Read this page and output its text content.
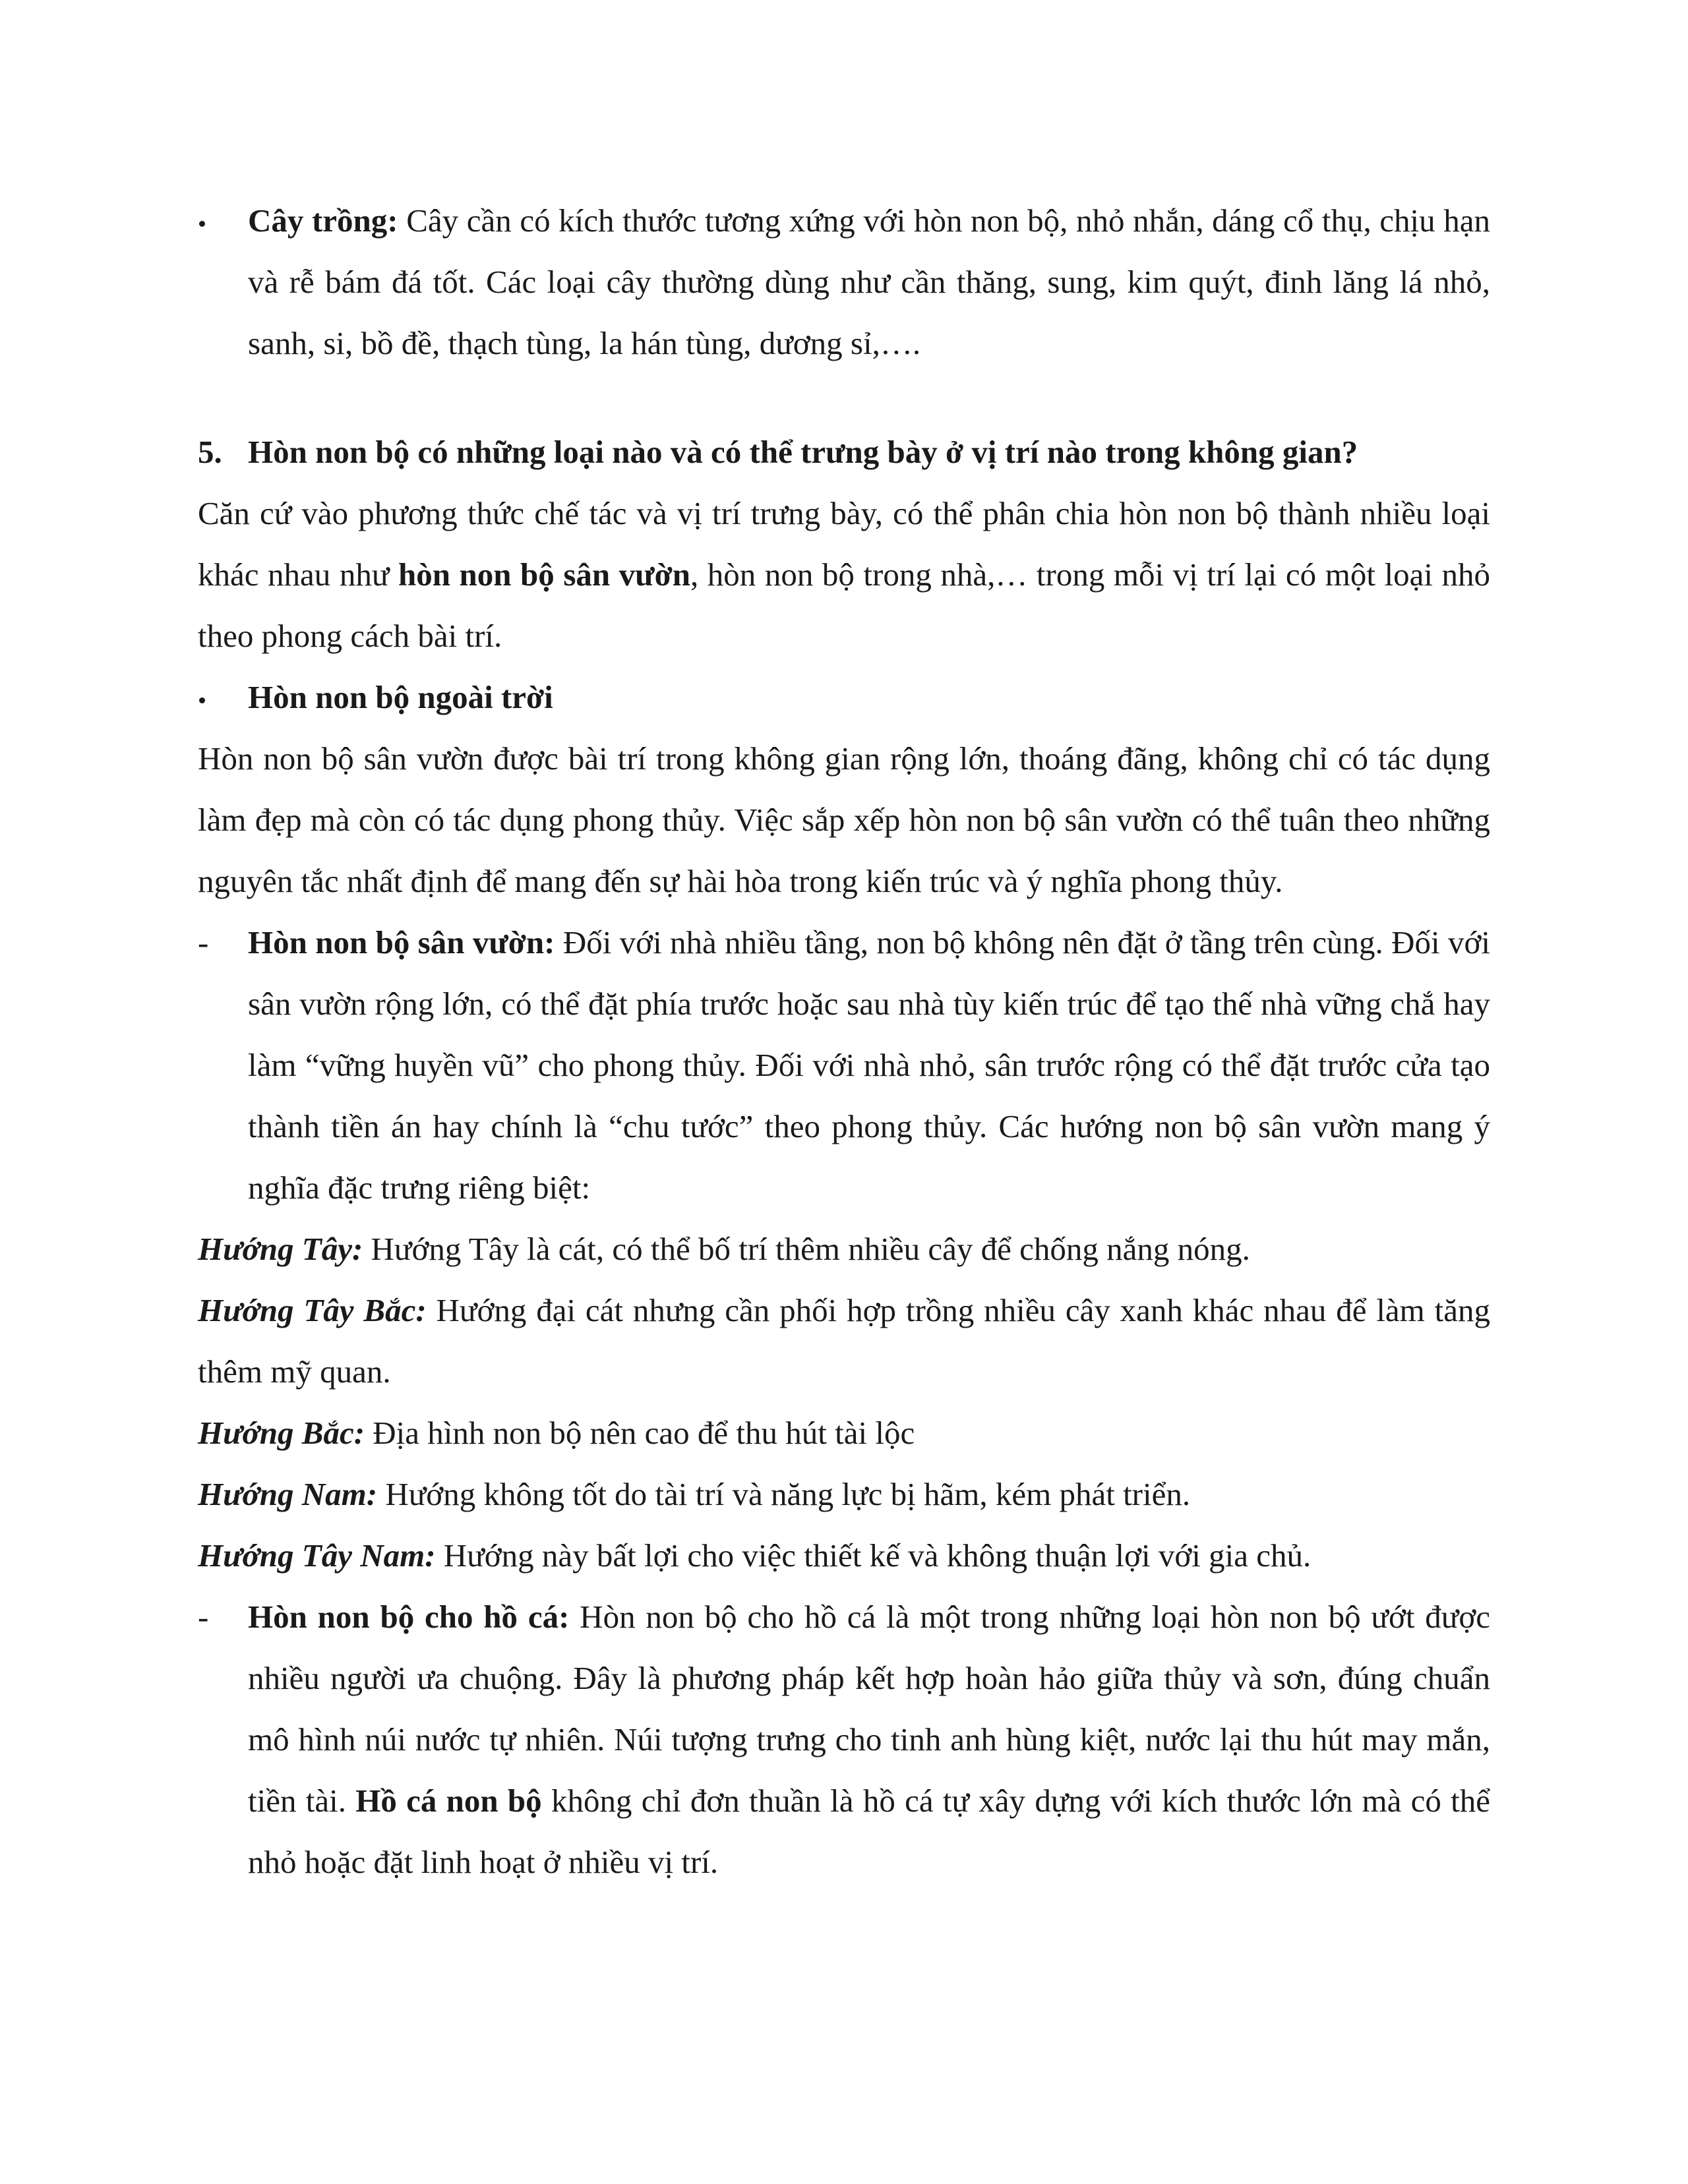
Cây trồng: Cây cần có kích thước tương xứng với hòn non bộ, nhỏ nhắn, dáng cổ thụ, chịu hạn và rễ bám đá tốt. Các loại cây thường dùng như cần thăng, sung, kim quýt, đinh lăng lá nhỏ, sanh, si, bồ đề, thạch tùng, la hán tùng, dương sỉ,….
5. Hòn non bộ có những loại nào và có thể trưng bày ở vị trí nào trong không gian?
Căn cứ vào phương thức chế tác và vị trí trưng bày, có thể phân chia hòn non bộ thành nhiều loại khác nhau như hòn non bộ sân vườn, hòn non bộ trong nhà,… trong mỗi vị trí lại có một loại nhỏ theo phong cách bài trí.
Hòn non bộ ngoài trời
Hòn non bộ sân vườn được bài trí trong không gian rộng lớn, thoáng đãng, không chỉ có tác dụng làm đẹp mà còn có tác dụng phong thủy. Việc sắp xếp hòn non bộ sân vườn có thể tuân theo những nguyên tắc nhất định để mang đến sự hài hòa trong kiến trúc và ý nghĩa phong thủy.
-	Hòn non bộ sân vườn: Đối với nhà nhiều tầng, non bộ không nên đặt ở tầng trên cùng. Đối với sân vườn rộng lớn, có thể đặt phía trước hoặc sau nhà tùy kiến trúc để tạo thế nhà vững chắ hay làm “vững huyền vũ” cho phong thủy. Đối với nhà nhỏ, sân trước rộng có thể đặt trước cửa tạo thành tiền án hay chính là “chu tước” theo phong thủy. Các hướng non bộ sân vườn mang ý nghĩa đặc trưng riêng biệt:
Hướng Tây: Hướng Tây là cát, có thể bố trí thêm nhiều cây để chống nắng nóng.
Hướng Tây Bắc: Hướng đại cát nhưng cần phối hợp trồng nhiều cây xanh khác nhau để làm tăng thêm mỹ quan.
Hướng Bắc: Địa hình non bộ nên cao để thu hút tài lộc
Hướng Nam: Hướng không tốt do tài trí và năng lực bị hãm, kém phát triển.
Hướng Tây Nam: Hướng này bất lợi cho việc thiết kế và không thuận lợi với gia chủ.
-	Hòn non bộ cho hồ cá: Hòn non bộ cho hồ cá là một trong những loại hòn non bộ ướt được nhiều người ưa chuộng. Đây là phương pháp kết hợp hoàn hảo giữa thủy và sơn, đúng chuẩn mô hình núi nước tự nhiên. Núi tượng trưng cho tinh anh hùng kiệt, nước lại thu hút may mắn, tiền tài. Hồ cá non bộ không chỉ đơn thuần là hồ cá tự xây dựng với kích thước lớn mà có thể nhỏ hoặc đặt linh hoạt ở nhiều vị trí.
